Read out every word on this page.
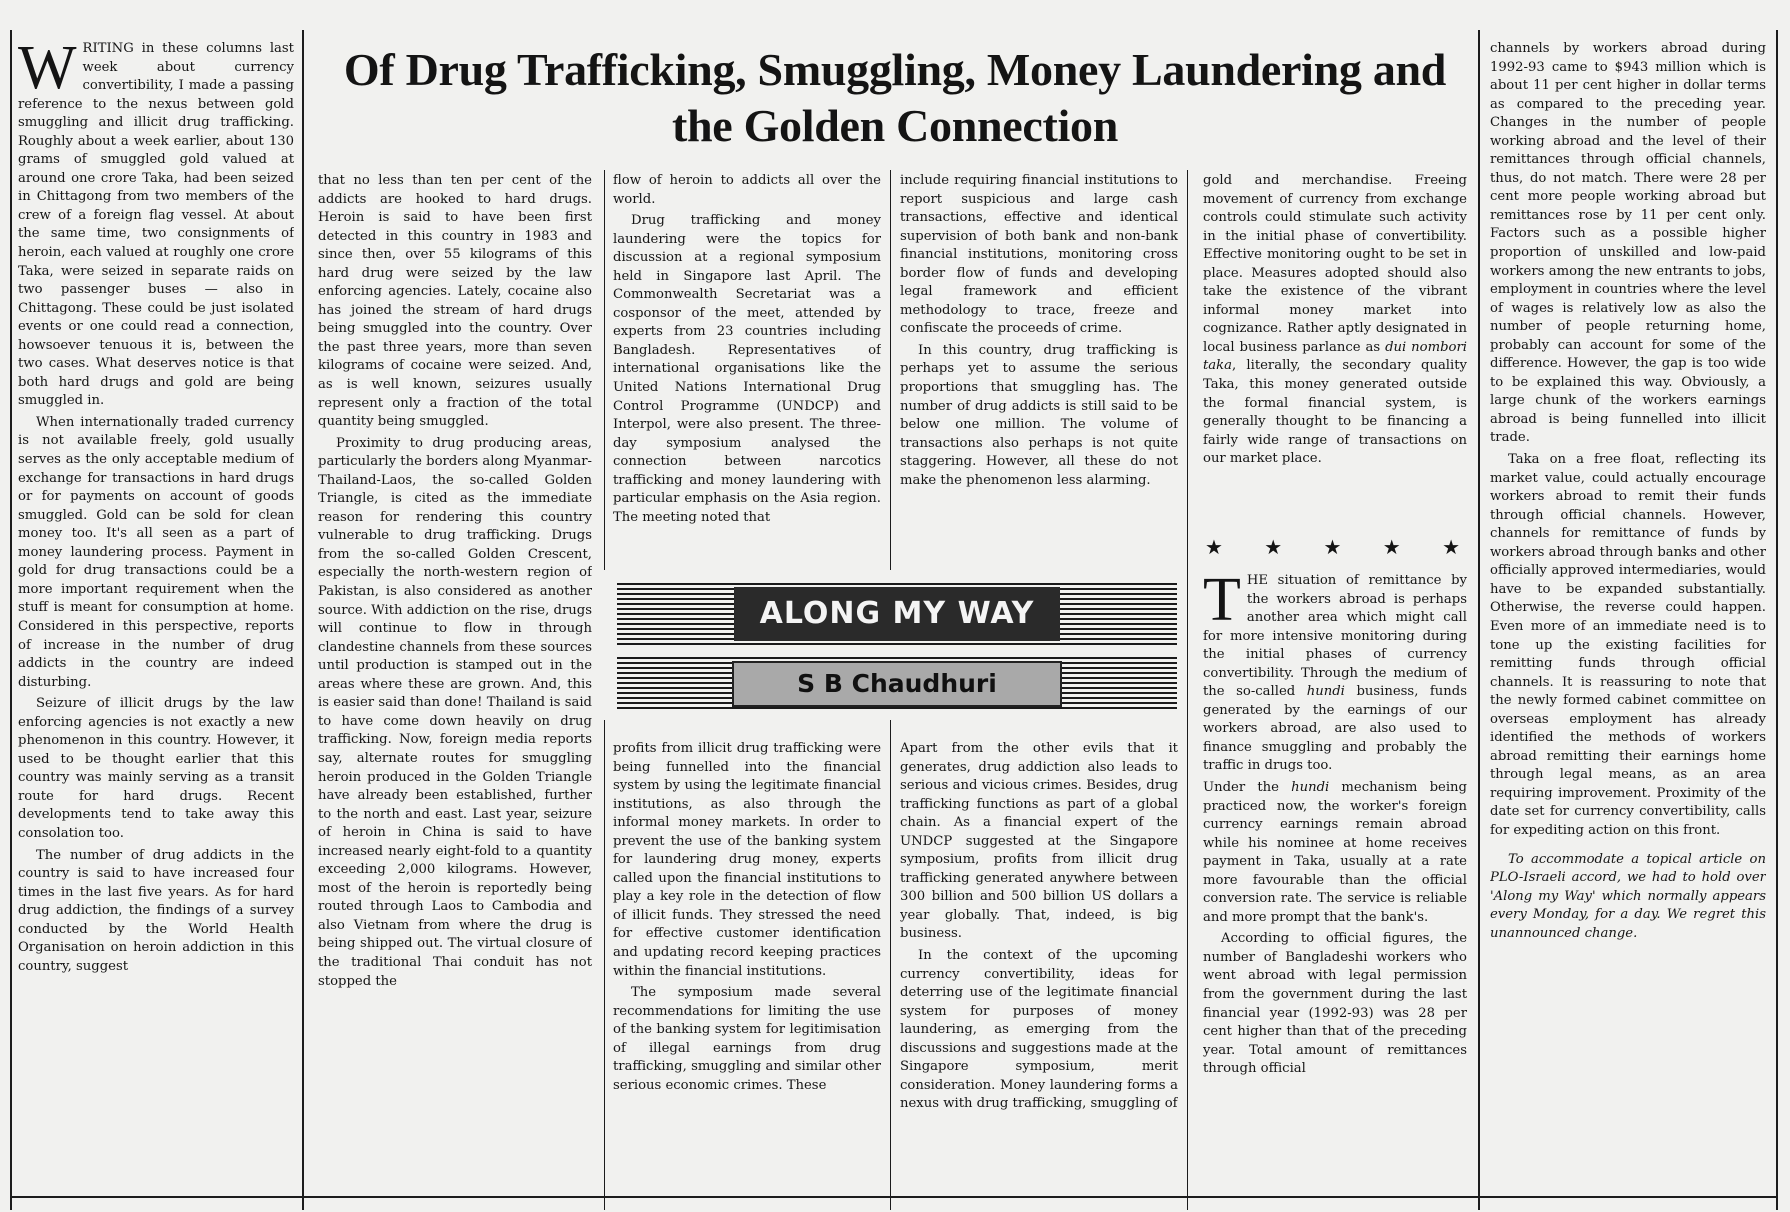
Of Drug Trafficking, Smuggling, Money Laundering and the Golden Connection

WRITING in these columns last week about currency convertibility, I made a passing reference to the nexus between gold smuggling and illicit drug trafficking. Roughly about a week earlier, about 130 grams of smuggled gold valued at around one crore Taka, had been seized in Chittagong from two members of the crew of a foreign flag vessel. At about the same time, two consignments of heroin, each valued at roughly one crore Taka, were seized in separate raids on two passenger buses — also in Chittagong. These could be just isolated events or one could read a connection, howsoever tenuous it is, between the two cases. What deserves notice is that both hard drugs and gold are being smuggled in.

When internationally traded currency is not available freely, gold usually serves as the only acceptable medium of exchange for transactions in hard drugs or for payments on account of goods smuggled. Gold can be sold for clean money too. It's all seen as a part of money laundering process. Payment in gold for drug transactions could be a more important requirement when the stuff is meant for consumption at home. Considered in this perspective, reports of increase in the number of drug addicts in the country are indeed disturbing.

Seizure of illicit drugs by the law enforcing agencies is not exactly a new phenomenon in this country. However, it used to be thought earlier that this country was mainly serving as a transit route for hard drugs. Recent developments tend to take away this consolation too.

The number of drug addicts in the country is said to have increased four times in the last five years. As for hard drug addiction, the findings of a survey conducted by the World Health Organisation on heroin addiction in this country, suggest

that no less than ten per cent of the addicts are hooked to hard drugs. Heroin is said to have been first detected in this country in 1983 and since then, over 55 kilograms of this hard drug were seized by the law enforcing agencies. Lately, cocaine also has joined the stream of hard drugs being smuggled into the country. Over the past three years, more than seven kilograms of cocaine were seized. And, as is well known, seizures usually represent only a fraction of the total quantity being smuggled.

Proximity to drug producing areas, particularly the borders along Myanmar-Thailand-Laos, the so-called Golden Triangle, is cited as the immediate reason for rendering this country vulnerable to drug trafficking. Drugs from the so-called Golden Crescent, especially the north-western region of Pakistan, is also considered as another source. With addiction on the rise, drugs will continue to flow in through clandestine channels from these sources until production is stamped out in the areas where these are grown. And, this is easier said than done! Thailand is said to have come down heavily on drug trafficking. Now, foreign media reports say, alternate routes for smuggling heroin produced in the Golden Triangle have already been established, further to the north and east. Last year, seizure of heroin in China is said to have increased nearly eight-fold to a quantity exceeding 2,000 kilograms. However, most of the heroin is reportedly being routed through Laos to Cambodia and also Vietnam from where the drug is being shipped out. The virtual closure of the traditional Thai conduit has not stopped the

flow of heroin to addicts all over the world.

Drug trafficking and money laundering were the topics for discussion at a regional symposium held in Singapore last April. The Commonwealth Secretariat was a cosponsor of the meet, attended by experts from 23 countries including Bangladesh. Representatives of international organisations like the United Nations International Drug Control Programme (UNDCP) and Interpol, were also present. The three-day symposium analysed the connection between narcotics trafficking and money laundering with particular emphasis on the Asia region. The meeting noted that

include requiring financial institutions to report suspicious and large cash transactions, effective and identical supervision of both bank and non-bank financial institutions, monitoring cross border flow of funds and developing legal framework and efficient methodology to trace, freeze and confiscate the proceeds of crime.

In this country, drug trafficking is perhaps yet to assume the serious proportions that smuggling has. The number of drug addicts is still said to be below one million. The volume of transactions also perhaps is not quite staggering. However, all these do not make the phenomenon less alarming.

ALONG MY WAY
S B Chaudhuri

profits from illicit drug trafficking were being funnelled into the financial system by using the legitimate financial institutions, as also through the informal money markets. In order to prevent the use of the banking system for laundering drug money, experts called upon the financial institutions to play a key role in the detection of flow of illicit funds. They stressed the need for effective customer identification and updating record keeping practices within the financial institutions.

The symposium made several recommendations for limiting the use of the banking system for legitimisation of illegal earnings from drug trafficking, smuggling and similar other serious economic crimes. These

Apart from the other evils that it generates, drug addiction also leads to serious and vicious crimes. Besides, drug trafficking functions as part of a global chain. As a financial expert of the UNDCP suggested at the Singapore symposium, profits from illicit drug trafficking generated anywhere between 300 billion and 500 billion US dollars a year globally. That, indeed, is big business.

In the context of the upcoming currency convertibility, ideas for deterring use of the legitimate financial system for purposes of money laundering, as emerging from the discussions and suggestions made at the Singapore symposium, merit consideration. Money laundering forms a nexus with drug trafficking, smuggling of

gold and merchandise. Freeing movement of currency from exchange controls could stimulate such activity in the initial phase of convertibility. Effective monitoring ought to be set in place. Measures adopted should also take the existence of the vibrant informal money market into cognizance. Rather aptly designated in local business parlance as dui nombori taka, literally, the secondary quality Taka, this money generated outside the formal financial system, is generally thought to be financing a fairly wide range of transactions on our market place.

★ ★ ★ ★ ★

THE situation of remittance by the workers abroad is perhaps another area which might call for more intensive monitoring during the initial phases of currency convertibility. Through the medium of the so-called hundi business, funds generated by the earnings of our workers abroad, are also used to finance smuggling and probably the traffic in drugs too.

Under the hundi mechanism being practiced now, the worker's foreign currency earnings remain abroad while his nominee at home receives payment in Taka, usually at a rate more favourable than the official conversion rate. The service is reliable and more prompt that the bank's.

According to official figures, the number of Bangladeshi workers who went abroad with legal permission from the government during the last financial year (1992-93) was 28 per cent higher than that of the preceding year. Total amount of remittances through official

channels by workers abroad during 1992-93 came to $943 million which is about 11 per cent higher in dollar terms as compared to the preceding year. Changes in the number of people working abroad and the level of their remittances through official channels, thus, do not match. There were 28 per cent more people working abroad but remittances rose by 11 per cent only. Factors such as a possible higher proportion of unskilled and low-paid workers among the new entrants to jobs, employment in countries where the level of wages is relatively low as also the number of people returning home, probably can account for some of the difference. However, the gap is too wide to be explained this way. Obviously, a large chunk of the workers earnings abroad is being funnelled into illicit trade.

Taka on a free float, reflecting its market value, could actually encourage workers abroad to remit their funds through official channels. However, channels for remittance of funds by workers abroad through banks and other officially approved intermediaries, would have to be expanded substantially. Otherwise, the reverse could happen. Even more of an immediate need is to tone up the existing facilities for remitting funds through official channels. It is reassuring to note that the newly formed cabinet committee on overseas employment has already identified the methods of workers abroad remitting their earnings home through legal means, as an area requiring improvement. Proximity of the date set for currency convertibility, calls for expediting action on this front.

To accommodate a topical article on PLO-Israeli accord, we had to hold over 'Along my Way' which normally appears every Monday, for a day. We regret this unannounced change.
